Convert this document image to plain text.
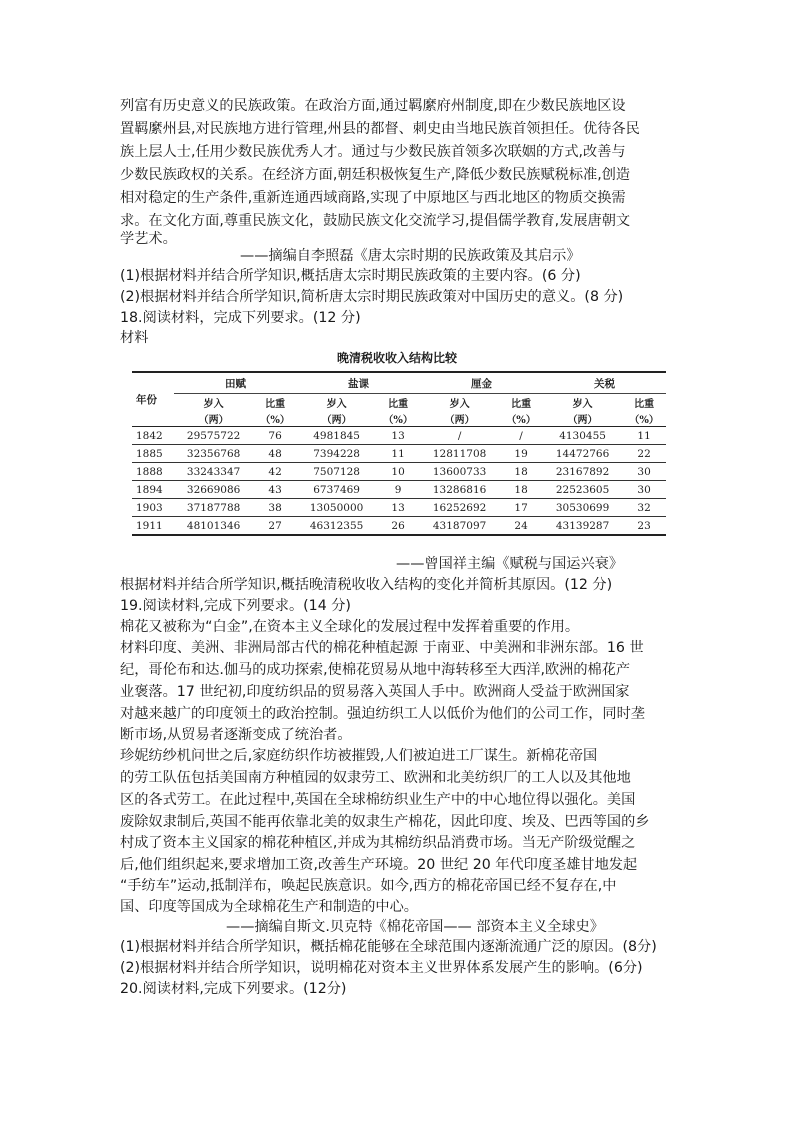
列富有历史意义的民族政策。在政治方面,通过羁縻府州制度,即在少数民族地区设
置羁縻州县,对民族地方进行管理,州县的都督、刺史由当地民族首领担任。优待各民
族上层人士,任用少数民族优秀人才。通过与少数民族首领多次联姻的方式,改善与
少数民族政权的关系。在经济方面,朝廷积极恢复生产,降低少数民族赋税标准,创造
相对稳定的生产条件,重新连通西域商路,实现了中原地区与西北地区的物质交换需
求。在文化方面,尊重民族文化，鼓励民族文化交流学习,提倡儒学教育,发展唐朝文
学艺术。
——摘编自李照磊《唐太宗时期的民族政策及其启示》
(1)根据材料并结合所学知识,概括唐太宗时期民族政策的主要内容。(6 分)
(2)根据材料并结合所学知识,简析唐太宗时期民族政策对中国历史的意义。(8 分)
18.阅读材料，完成下列要求。(12 分)
材料
晚清税收收入结构比较
年份	田赋		盐课		厘金		关税	
	岁入	比重	岁入	比重	岁入	比重	岁入	比重
	（两）	（%）	（两）	（%）	（两）	（%）	（两）	（%）
1842	29575722	76	4981845	13	/	/	4130455	11
1885	32356768	48	7394228	11	12811708	19	14472766	22
1888	33243347	42	7507128	10	13600733	18	23167892	30
1894	32669086	43	6737469	9	13286816	18	22523605	30
1903	37187788	38	13050000	13	16252692	17	30530699	32
1911	48101346	27	46312355	26	43187097	24	43139287	23
——曾国祥主编《赋税与国运兴衰》
根据材料并结合所学知识,概括晚清税收收入结构的变化并简析其原因。(12 分)
19.阅读材料,完成下列要求。(14 分)
棉花又被称为“白金”,在资本主义全球化的发展过程中发挥着重要的作用。
材料印度、美洲、非洲局部古代的棉花种植起源 于南亚、中美洲和非洲东部。16 世
纪，哥伦布和达.伽马的成功探索,使棉花贸易从地中海转移至大西洋,欧洲的棉花产
业褒落。17 世纪初,印度纺织品的贸易落入英国人手中。欧洲商人受益于欧洲国家
对越来越广的印度领土的政治控制。强迫纺织工人以低价为他们的公司工作，同时垄
断市场,从贸易者逐渐变成了统治者。
珍妮纺纱机问世之后,家庭纺织作坊被摧毁,人们被迫进工厂谋生。新棉花帝国
的劳工队伍包括美国南方种植园的奴隶劳工、欧洲和北美纺织厂的工人以及其他地
区的各式劳工。在此过程中,英国在全球棉纺织业生产中的中心地位得以强化。美国
废除奴隶制后,英国不能再依靠北美的奴隶生产棉花，因此印度、埃及、巴西等国的乡
村成了资本主义国家的棉花种植区,并成为其棉纺织品消费市场。当无产阶级觉醒之
后,他们组织起来,要求增加工资,改善生产环境。20 世纪 20 年代印度圣雄甘地发起
“手纺车”运动,抵制洋布，唤起民族意识。如今,西方的棉花帝国已经不复存在,中
国、印度等国成为全球棉花生产和制造的中心。
——摘编自斯文.贝克特《棉花帝国—— 部资本主义全球史》
(1)根据材料并结合所学知识，概括棉花能够在全球范围内逐渐流通广泛的原因。(8分)
(2)根据材料并结合所学知识，说明棉花对资本主义世界体系发展产生的影响。(6分)
20.阅读材料,完成下列要求。(12分)
